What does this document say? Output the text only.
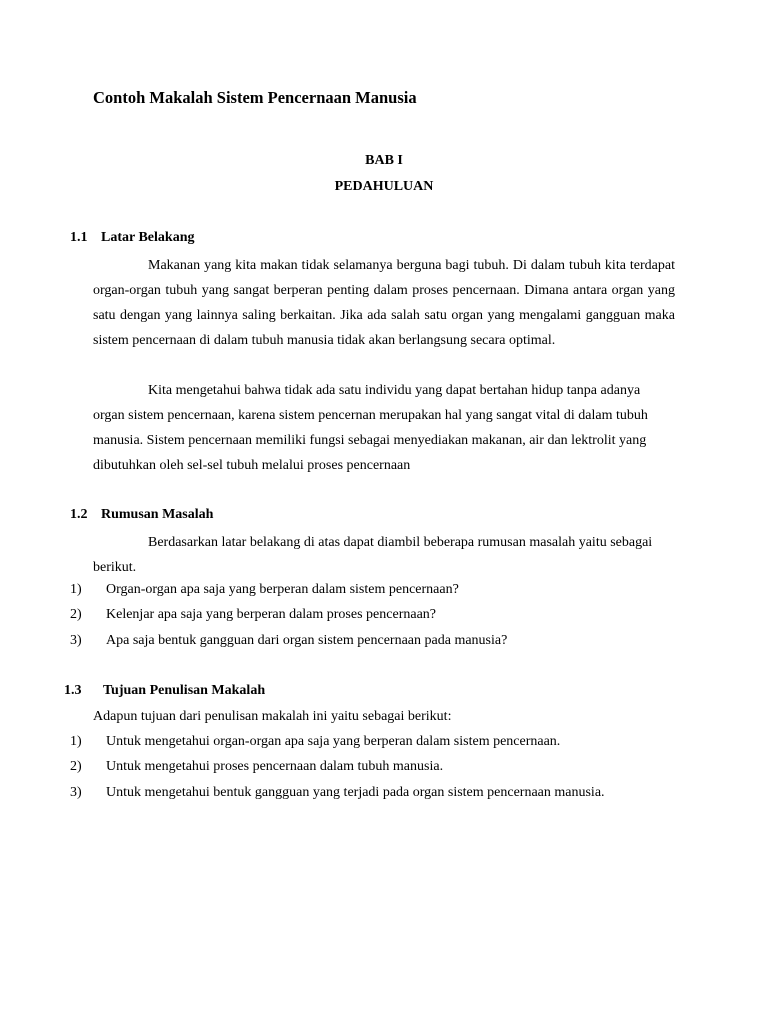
Contoh Makalah Sistem Pencernaan Manusia
BAB I
PEDAHULUAN
1.1 Latar Belakang

Makanan yang kita makan tidak selamanya berguna bagi tubuh. Di dalam tubuh kita terdapat organ-organ tubuh yang sangat berperan penting dalam proses pencernaan. Dimana antara organ yang satu dengan yang lainnya saling berkaitan. Jika ada salah satu organ yang mengalami gangguan maka sistem pencernaan di dalam tubuh manusia tidak akan berlangsung secara optimal.

Kita mengetahui bahwa tidak ada satu individu yang dapat bertahan hidup tanpa adanya organ sistem pencernaan, karena sistem pencernan merupakan hal yang sangat vital di dalam tubuh manusia. Sistem pencernaan memiliki fungsi sebagai menyediakan makanan, air dan lektrolit yang dibutuhkan oleh sel-sel tubuh melalui proses pencernaan

1.2 Rumusan Masalah

Berdasarkan latar belakang di atas dapat diambil beberapa rumusan masalah yaitu sebagai berikut.

1) Organ-organ apa saja yang berperan dalam sistem pencernaan?
2) Kelenjar apa saja yang berperan dalam proses pencernaan?
3) Apa saja bentuk gangguan dari organ sistem pencernaan pada manusia?
1.3 Tujuan Penulisan Makalah
Adapun tujuan dari penulisan makalah ini yaitu sebagai berikut:
1) Untuk mengetahui organ-organ apa saja yang berperan dalam sistem pencernaan.
2) Untuk mengetahui proses pencernaan dalam tubuh manusia.
3) Untuk mengetahui bentuk gangguan yang terjadi pada organ sistem pencernaan manusia.
